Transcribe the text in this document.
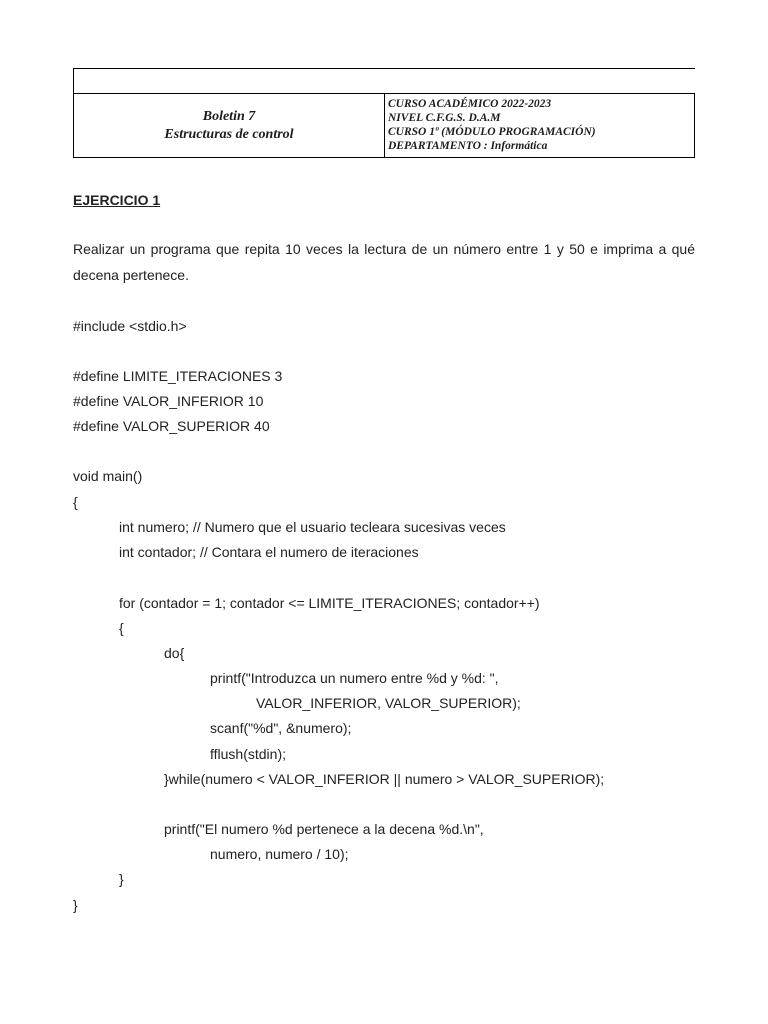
Boletin 7
Estructuras de control
CURSO ACADÉMICO 2022-2023
NIVEL C.F.G.S. D.A.M
CURSO 1º (MÓDULO PROGRAMACIÓN)
DEPARTAMENTO : Informática
EJERCICIO 1
Realizar un programa que repita 10 veces la lectura de un número entre 1 y 50 e imprima a qué decena pertenece.
#include <stdio.h>
#define LIMITE_ITERACIONES 3
#define VALOR_INFERIOR 10
#define VALOR_SUPERIOR 40
void main()
{
int numero; // Numero que el usuario tecleara sucesivas veces
int contador; // Contara el numero de iteraciones
for (contador = 1; contador <= LIMITE_ITERACIONES; contador++)
{
do{
printf("Introduzca un numero entre %d y %d: ",
VALOR_INFERIOR, VALOR_SUPERIOR);
scanf("%d", &numero);
fflush(stdin);
}while(numero < VALOR_INFERIOR || numero > VALOR_SUPERIOR);
printf("El numero %d pertenece a la decena %d.\n",
numero, numero / 10);
}
}
